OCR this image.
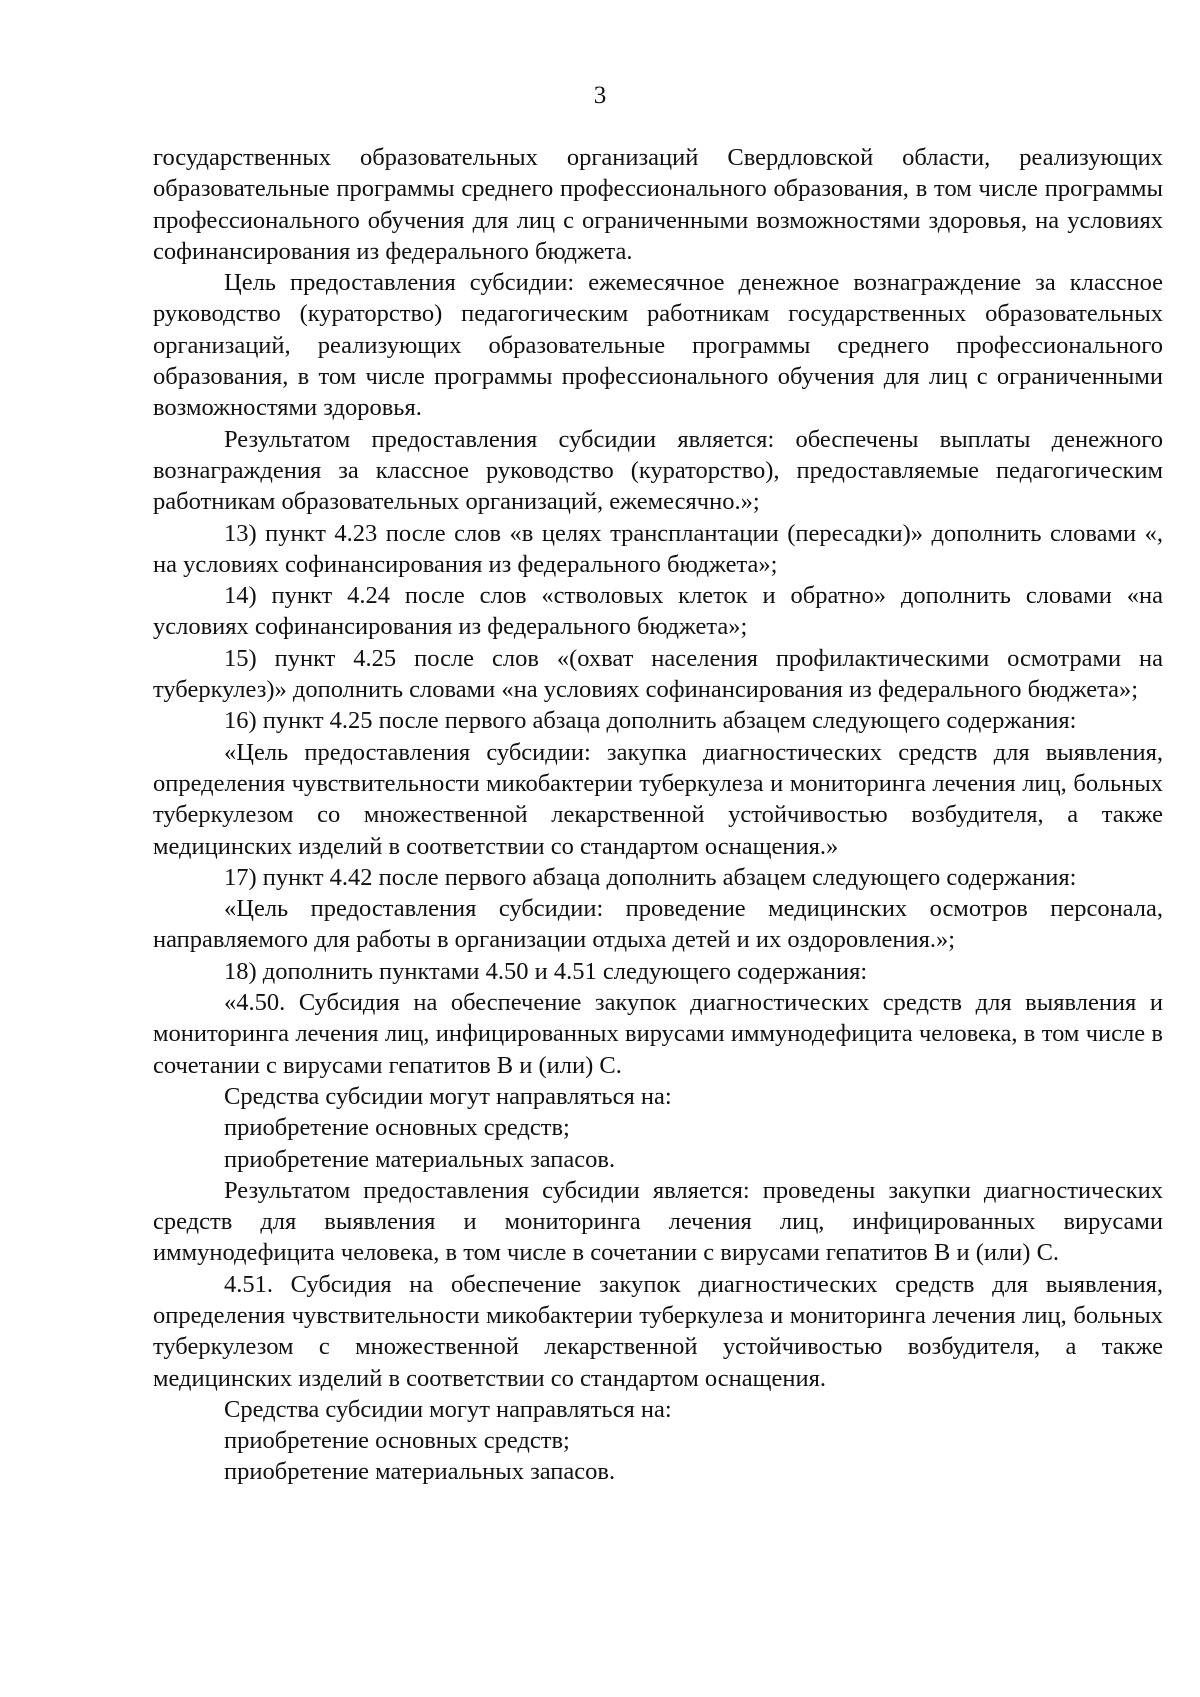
3

государственных образовательных организаций Свердловской области, реализующих образовательные программы среднего профессионального образования, в том числе программы профессионального обучения для лиц с ограниченными возможностями здоровья, на условиях софинансирования из федерального бюджета.

Цель предоставления субсидии: ежемесячное денежное вознаграждение за классное руководство (кураторство) педагогическим работникам государственных образовательных организаций, реализующих образовательные программы среднего профессионального образования, в том числе программы профессионального обучения для лиц с ограниченными возможностями здоровья.

Результатом предоставления субсидии является: обеспечены выплаты денежного вознаграждения за классное руководство (кураторство), предоставляемые педагогическим работникам образовательных организаций, ежемесячно.»;

13) пункт 4.23 после слов «в целях трансплантации (пересадки)» дополнить словами «, на условиях софинансирования из федерального бюджета»;

14) пункт 4.24 после слов «стволовых клеток и обратно» дополнить словами «на условиях софинансирования из федерального бюджета»;

15) пункт 4.25 после слов «(охват населения профилактическими осмотрами на туберкулез)» дополнить словами «на условиях софинансирования из федерального бюджета»;

16) пункт 4.25 после первого абзаца дополнить абзацем следующего содержания:

«Цель предоставления субсидии: закупка диагностических средств для выявления, определения чувствительности микобактерии туберкулеза и мониторинга лечения лиц, больных туберкулезом со множественной лекарственной устойчивостью возбудителя, а также медицинских изделий в соответствии со стандартом оснащения.»

17) пункт 4.42 после первого абзаца дополнить абзацем следующего содержания:

«Цель предоставления субсидии: проведение медицинских осмотров персонала, направляемого для работы в организации отдыха детей и их оздоровления.»;

18) дополнить пунктами 4.50 и 4.51 следующего содержания:

«4.50. Субсидия на обеспечение закупок диагностических средств для выявления и мониторинга лечения лиц, инфицированных вирусами иммунодефицита человека, в том числе в сочетании с вирусами гепатитов B и (или) C.

Средства субсидии могут направляться на:

приобретение основных средств;

приобретение материальных запасов.

Результатом предоставления субсидии является: проведены закупки диагностических средств для выявления и мониторинга лечения лиц, инфицированных вирусами иммунодефицита человека, в том числе в сочетании с вирусами гепатитов B и (или) C.

4.51. Субсидия на обеспечение закупок диагностических средств для выявления, определения чувствительности микобактерии туберкулеза и мониторинга лечения лиц, больных туберкулезом с множественной лекарственной устойчивостью возбудителя, а также медицинских изделий в соответствии со стандартом оснащения.

Средства субсидии могут направляться на:

приобретение основных средств;

приобретение материальных запасов.
